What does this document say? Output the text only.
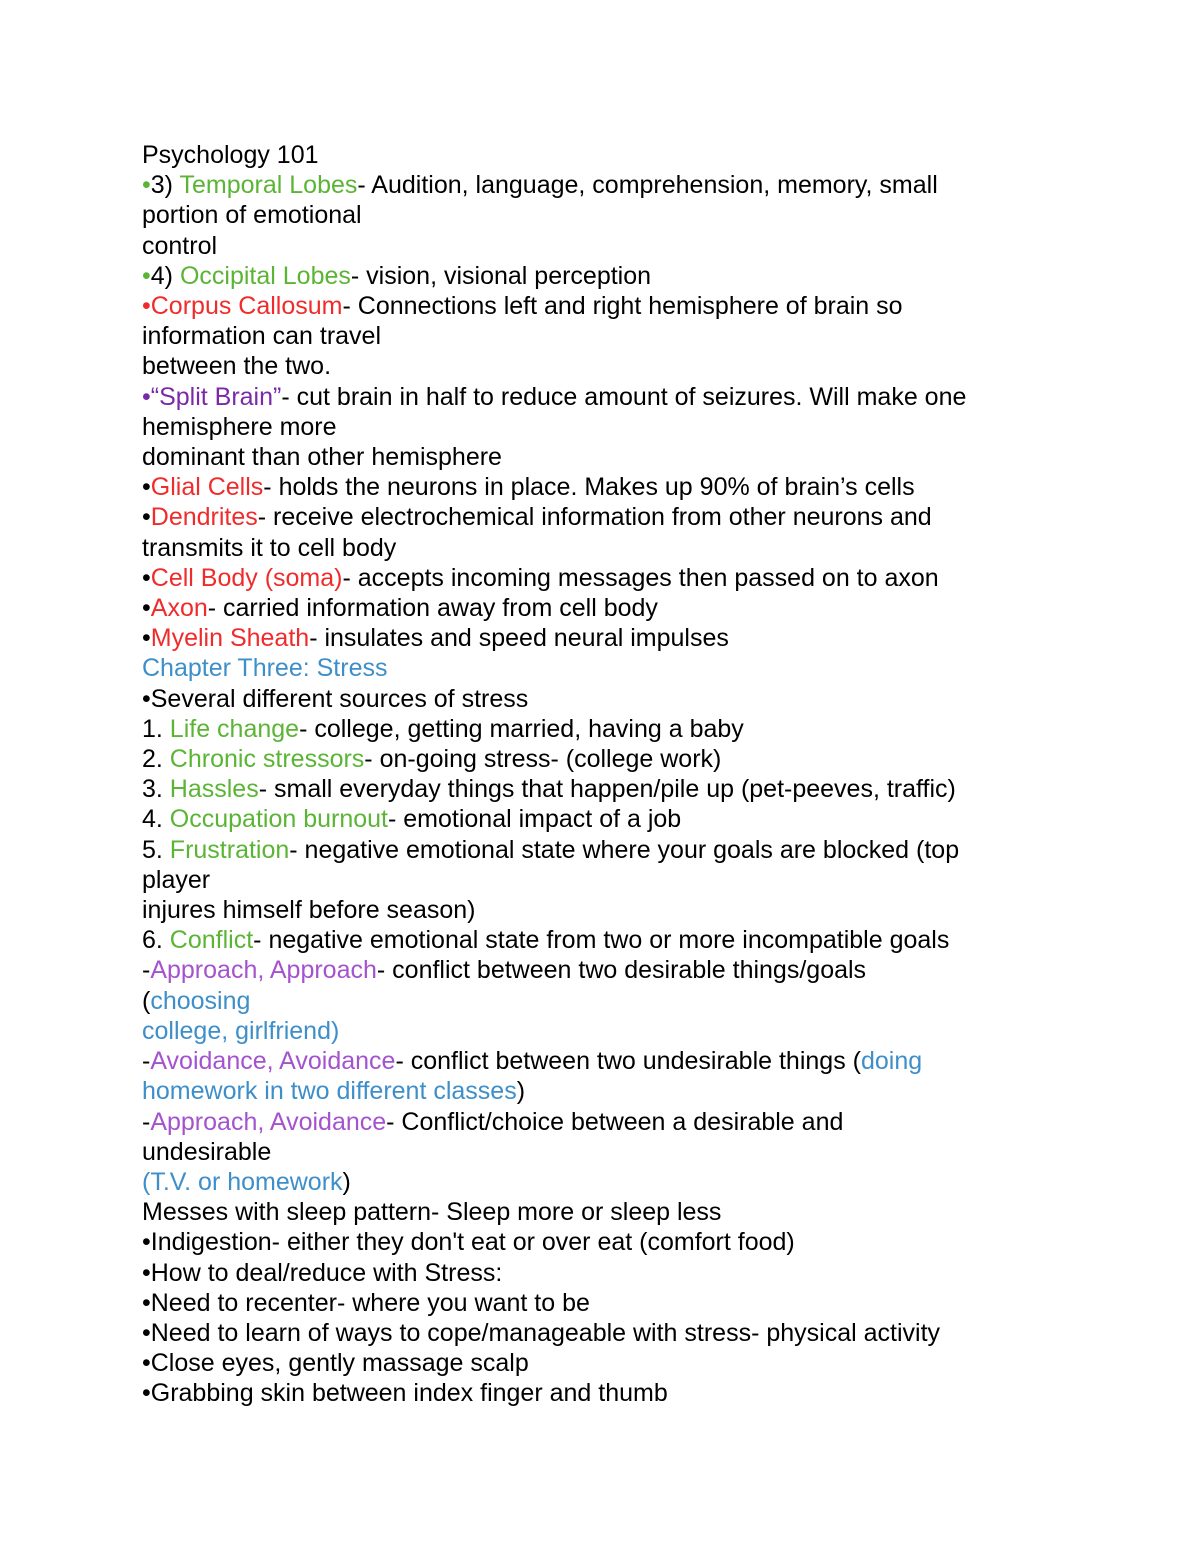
Psychology 101
•3) Temporal Lobes- Audition, language, comprehension, memory, small
portion of emotional
control
•4) Occipital Lobes- vision, visional perception
•Corpus Callosum- Connections left and right hemisphere of brain so
information can travel
between the two.
•“Split Brain”- cut brain in half to reduce amount of seizures. Will make one
hemisphere more
dominant than other hemisphere
•Glial Cells- holds the neurons in place. Makes up 90% of brain’s cells
•Dendrites- receive electrochemical information from other neurons and
transmits it to cell body
•Cell Body (soma)- accepts incoming messages then passed on to axon
•Axon- carried information away from cell body
•Myelin Sheath- insulates and speed neural impulses
Chapter Three: Stress
•Several different sources of stress
1. Life change- college, getting married, having a baby
2. Chronic stressors- on-going stress- (college work)
3. Hassles- small everyday things that happen/pile up (pet-peeves, traffic)
4. Occupation burnout- emotional impact of a job
5. Frustration- negative emotional state where your goals are blocked (top
player
injures himself before season)
6. Conflict- negative emotional state from two or more incompatible goals
-Approach, Approach- conflict between two desirable things/goals
(choosing
college, girlfriend)
-Avoidance, Avoidance- conflict between two undesirable things (doing
homework in two different classes)
-Approach, Avoidance- Conflict/choice between a desirable and
undesirable
(T.V. or homework)
Messes with sleep pattern- Sleep more or sleep less
•Indigestion- either they don't eat or over eat (comfort food)
•How to deal/reduce with Stress:
•Need to recenter- where you want to be
•Need to learn of ways to cope/manageable with stress- physical activity
•Close eyes, gently massage scalp
•Grabbing skin between index finger and thumb
